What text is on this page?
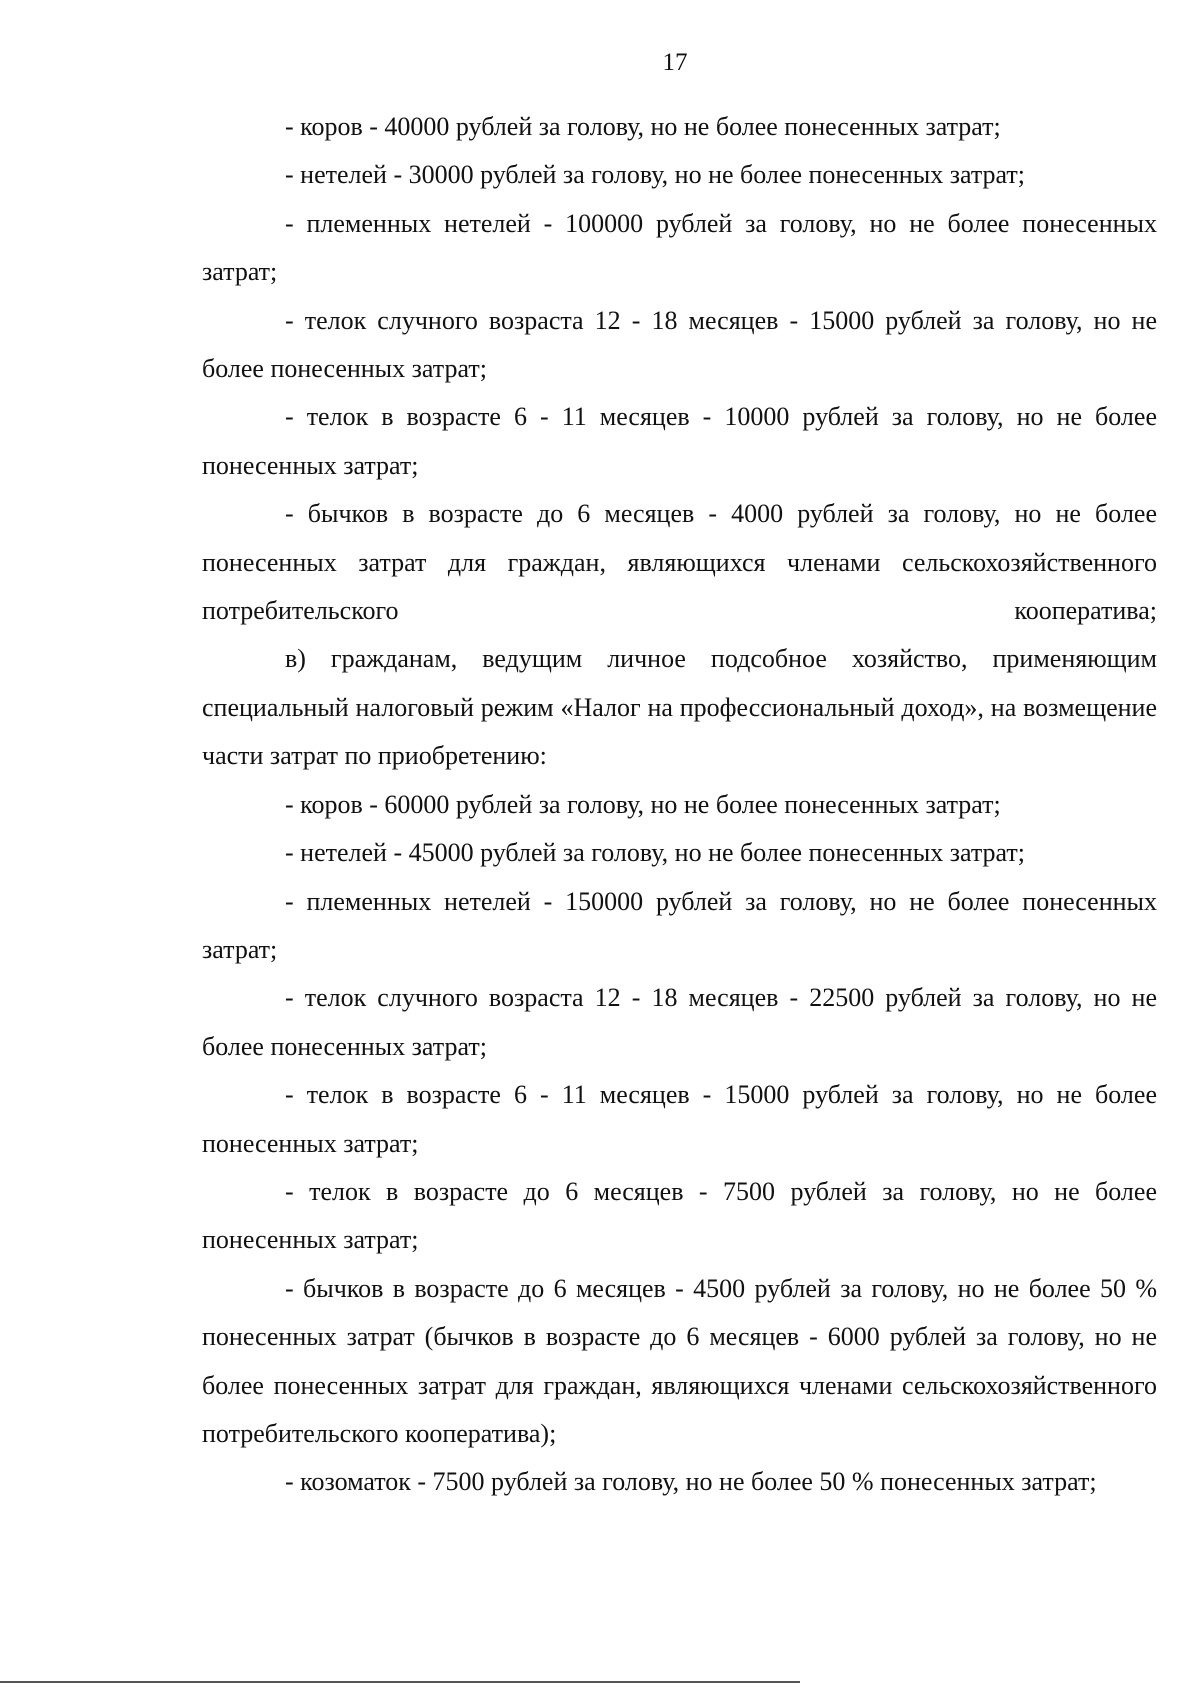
17

- коров - 40000 рублей за голову, но не более понесенных затрат;

- нетелей - 30000 рублей за голову, но не более понесенных затрат;

- племенных нетелей - 100000 рублей за голову, но не более понесенных затрат;

- телок случного возраста 12 - 18 месяцев - 15000 рублей за голову, но не более понесенных затрат;

- телок в возрасте 6 - 11 месяцев - 10000 рублей за голову, но не более понесенных затрат;

- бычков в возрасте до 6 месяцев - 4000 рублей за голову, но не более понесенных затрат для граждан, являющихся членами сельскохозяйственного потребительского кооператива;

в) гражданам, ведущим личное подсобное хозяйство, применяющим специальный налоговый режим «Налог на профессиональный доход», на возмещение части затрат по приобретению:

- коров - 60000 рублей за голову, но не более понесенных затрат;

- нетелей - 45000 рублей за голову, но не более понесенных затрат;

- племенных нетелей - 150000 рублей за голову, но не более понесенных затрат;

- телок случного возраста 12 - 18 месяцев - 22500 рублей за голову, но не более понесенных затрат;

- телок в возрасте 6 - 11 месяцев - 15000 рублей за голову, но не более понесенных затрат;

- телок в возрасте до 6 месяцев - 7500 рублей за голову, но не более понесенных затрат;

- бычков в возрасте до 6 месяцев - 4500 рублей за голову, но не более 50 % понесенных затрат (бычков в возрасте до 6 месяцев - 6000 рублей за голову, но не более понесенных затрат для граждан, являющихся членами сельскохозяйственного потребительского кооператива);

- козоматок - 7500 рублей за голову, но не более 50 % понесенных затрат;
